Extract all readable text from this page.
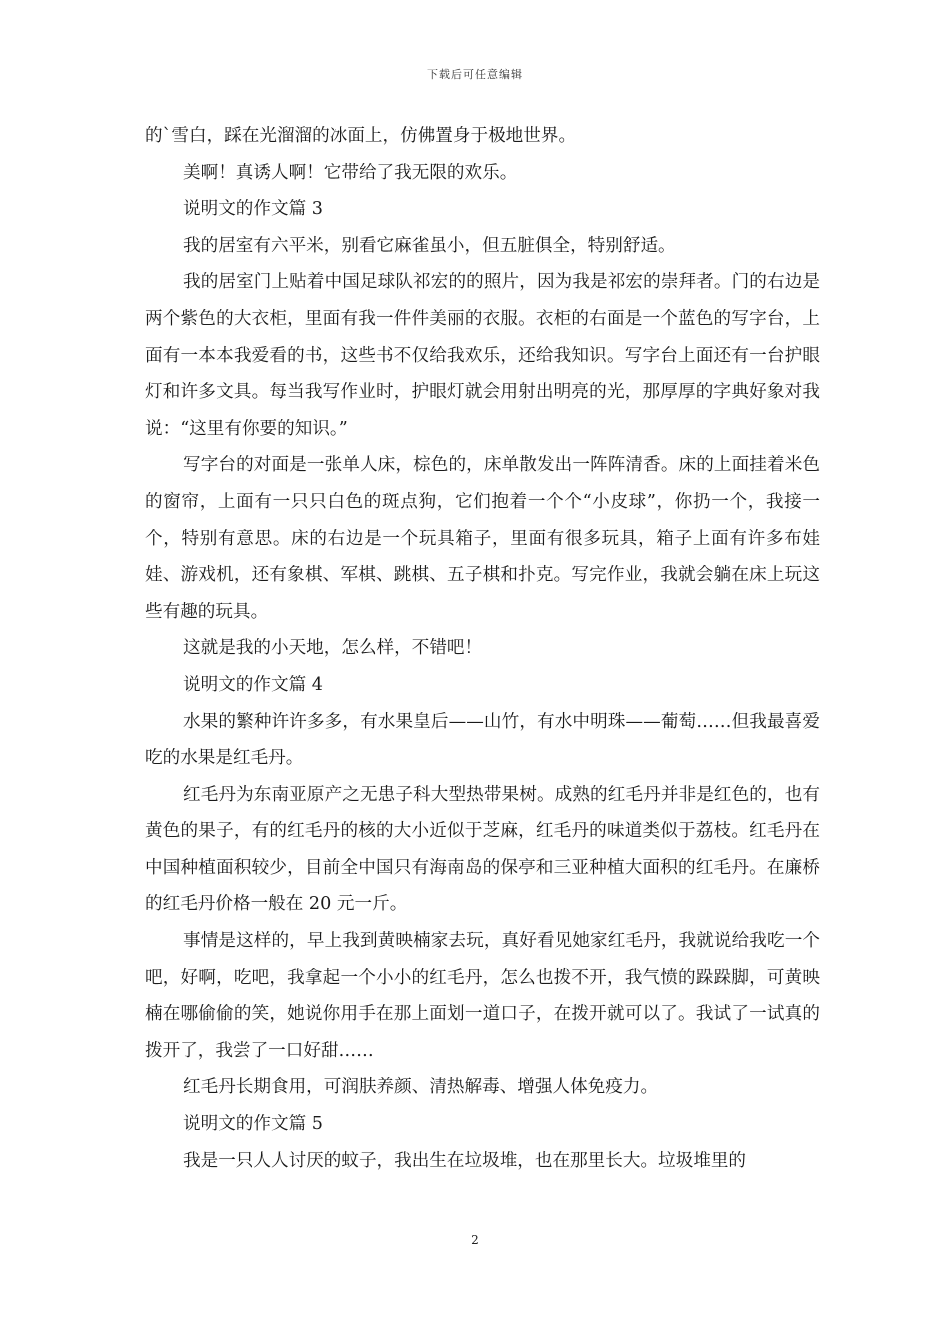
下载后可任意编辑

的`雪白，踩在光溜溜的冰面上，仿佛置身于极地世界。

美啊！真诱人啊！它带给了我无限的欢乐。

说明文的作文篇 3

我的居室有六平米，别看它麻雀虽小，但五脏俱全，特别舒适。

我的居室门上贴着中国足球队祁宏的的照片，因为我是祁宏的崇拜者。门的右边是两个紫色的大衣柜，里面有我一件件美丽的衣服。衣柜的右面是一个蓝色的写字台，上面有一本本我爱看的书，这些书不仅给我欢乐，还给我知识。写字台上面还有一台护眼灯和许多文具。每当我写作业时，护眼灯就会用射出明亮的光，那厚厚的字典好象对我说：“这里有你要的知识。”

写字台的对面是一张单人床，棕色的，床单散发出一阵阵清香。床的上面挂着米色的窗帘，上面有一只只白色的斑点狗，它们抱着一个个“小皮球”，你扔一个，我接一个，特别有意思。床的右边是一个玩具箱子，里面有很多玩具，箱子上面有许多布娃娃、游戏机，还有象棋、军棋、跳棋、五子棋和扑克。写完作业，我就会躺在床上玩这些有趣的玩具。

这就是我的小天地，怎么样，不错吧！

说明文的作文篇 4

水果的繁种许许多多，有水果皇后——山竹，有水中明珠——葡萄……但我最喜爱吃的水果是红毛丹。

红毛丹为东南亚原产之无患子科大型热带果树。成熟的红毛丹并非是红色的，也有黄色的果子，有的红毛丹的核的大小近似于芝麻，红毛丹的味道类似于荔枝。红毛丹在中国种植面积较少，目前全中国只有海南岛的保亭和三亚种植大面积的红毛丹。在廉桥的红毛丹价格一般在 20 元一斤。

事情是这样的，早上我到黄映楠家去玩，真好看见她家红毛丹，我就说给我吃一个吧，好啊，吃吧，我拿起一个小小的红毛丹，怎么也拨不开，我气愤的跺跺脚，可黄映楠在哪偷偷的笑，她说你用手在那上面划一道口子，在拨开就可以了。我试了一试真的拨开了，我尝了一口好甜……

红毛丹长期食用，可润肤养颜、清热解毒、增强人体免疫力。

说明文的作文篇 5

我是一只人人讨厌的蚊子，我出生在垃圾堆，也在那里长大。垃圾堆里的

2
